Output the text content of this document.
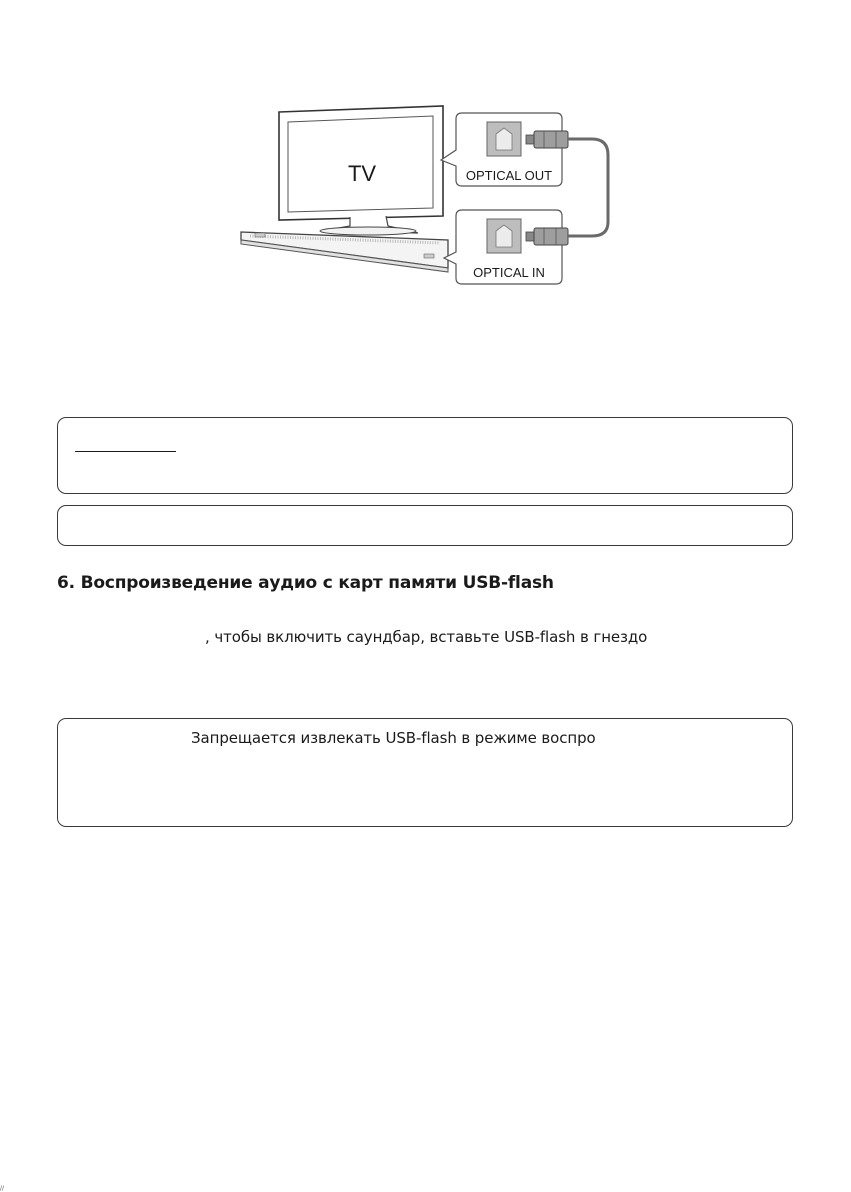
TV	OPTICAL OUT
OPTICAL IN
6. Воспроизведение аудио с карт памяти USB-flash
, чтобы включить саундбар, вставьте USB-flash в гнездо
Запрещается извлекать USB-flash в режиме воспро
//
